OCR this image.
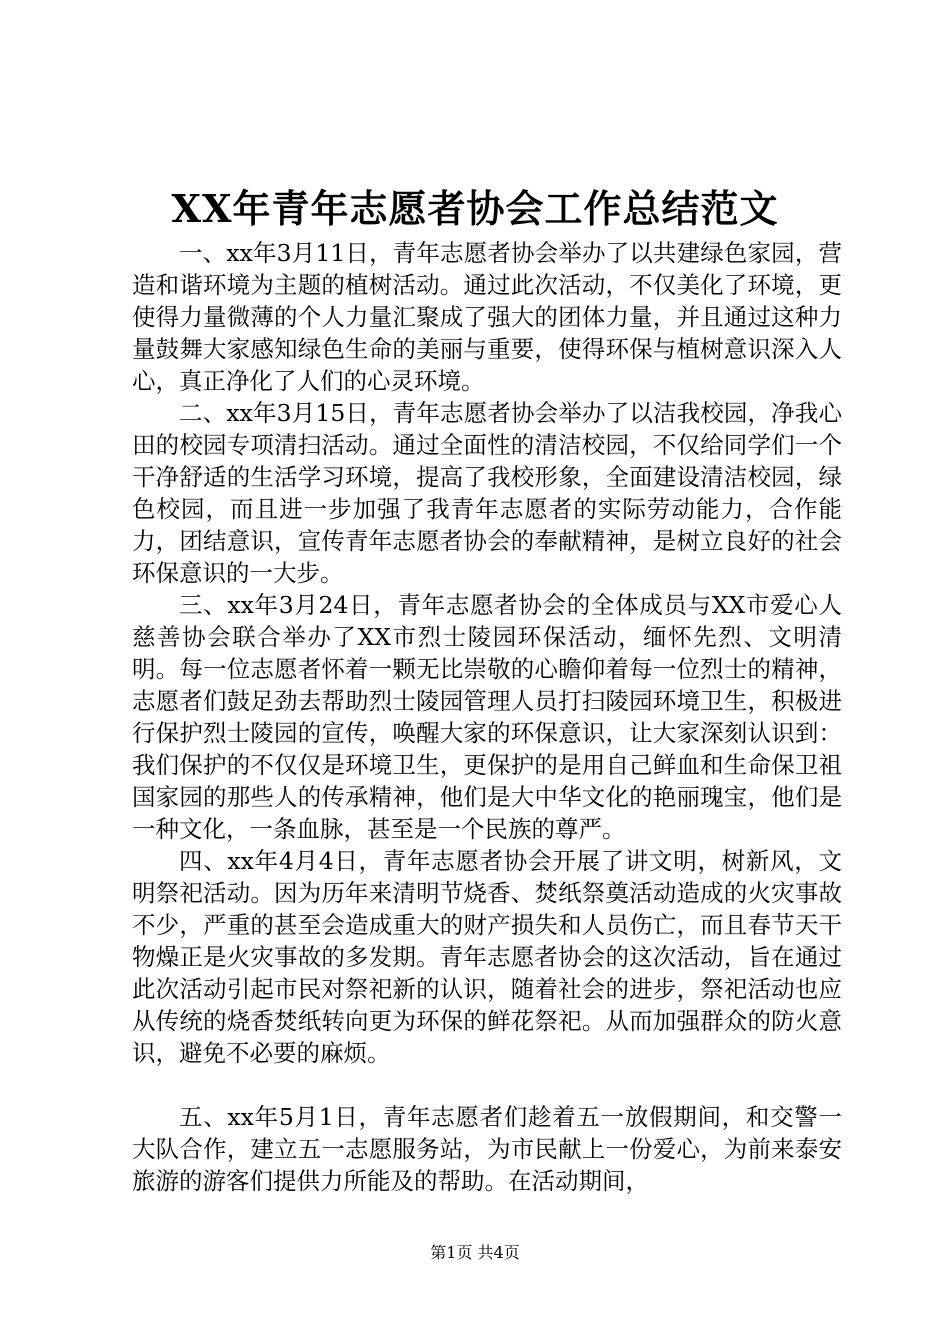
XX年青年志愿者协会工作总结范文

一、xx年3月11日，青年志愿者协会举办了以共建绿色家园，营造和谐环境为主题的植树活动。通过此次活动，不仅美化了环境，更使得力量微薄的个人力量汇聚成了强大的团体力量，并且通过这种力量鼓舞大家感知绿色生命的美丽与重要，使得环保与植树意识深入人心，真正净化了人们的心灵环境。

二、xx年3月15日，青年志愿者协会举办了以洁我校园，净我心田的校园专项清扫活动。通过全面性的清洁校园，不仅给同学们一个干净舒适的生活学习环境，提高了我校形象，全面建设清洁校园，绿色校园，而且进一步加强了我青年志愿者的实际劳动能力，合作能力，团结意识，宣传青年志愿者协会的奉献精神，是树立良好的社会环保意识的一大步。

三、xx年3月24日，青年志愿者协会的全体成员与XX市爱心人慈善协会联合举办了XX市烈士陵园环保活动，缅怀先烈、文明清明。每一位志愿者怀着一颗无比崇敬的心瞻仰着每一位烈士的精神，志愿者们鼓足劲去帮助烈士陵园管理人员打扫陵园环境卫生，积极进行保护烈士陵园的宣传，唤醒大家的环保意识，让大家深刻认识到：我们保护的不仅仅是环境卫生，更保护的是用自己鲜血和生命保卫祖国家园的那些人的传承精神，他们是大中华文化的艳丽瑰宝，他们是一种文化，一条血脉，甚至是一个民族的尊严。

四、xx年4月4日，青年志愿者协会开展了讲文明，树新风，文明祭祀活动。因为历年来清明节烧香、焚纸祭奠活动造成的火灾事故不少，严重的甚至会造成重大的财产损失和人员伤亡，而且春节天干物燥正是火灾事故的多发期。青年志愿者协会的这次活动，旨在通过此次活动引起市民对祭祀新的认识，随着社会的进步，祭祀活动也应从传统的烧香焚纸转向更为环保的鲜花祭祀。从而加强群众的防火意识，避免不必要的麻烦。

五、xx年5月1日，青年志愿者们趁着五一放假期间，和交警一大队合作，建立五一志愿服务站，为市民献上一份爱心，为前来泰安旅游的游客们提供力所能及的帮助。在活动期间，

第1页 共4页
